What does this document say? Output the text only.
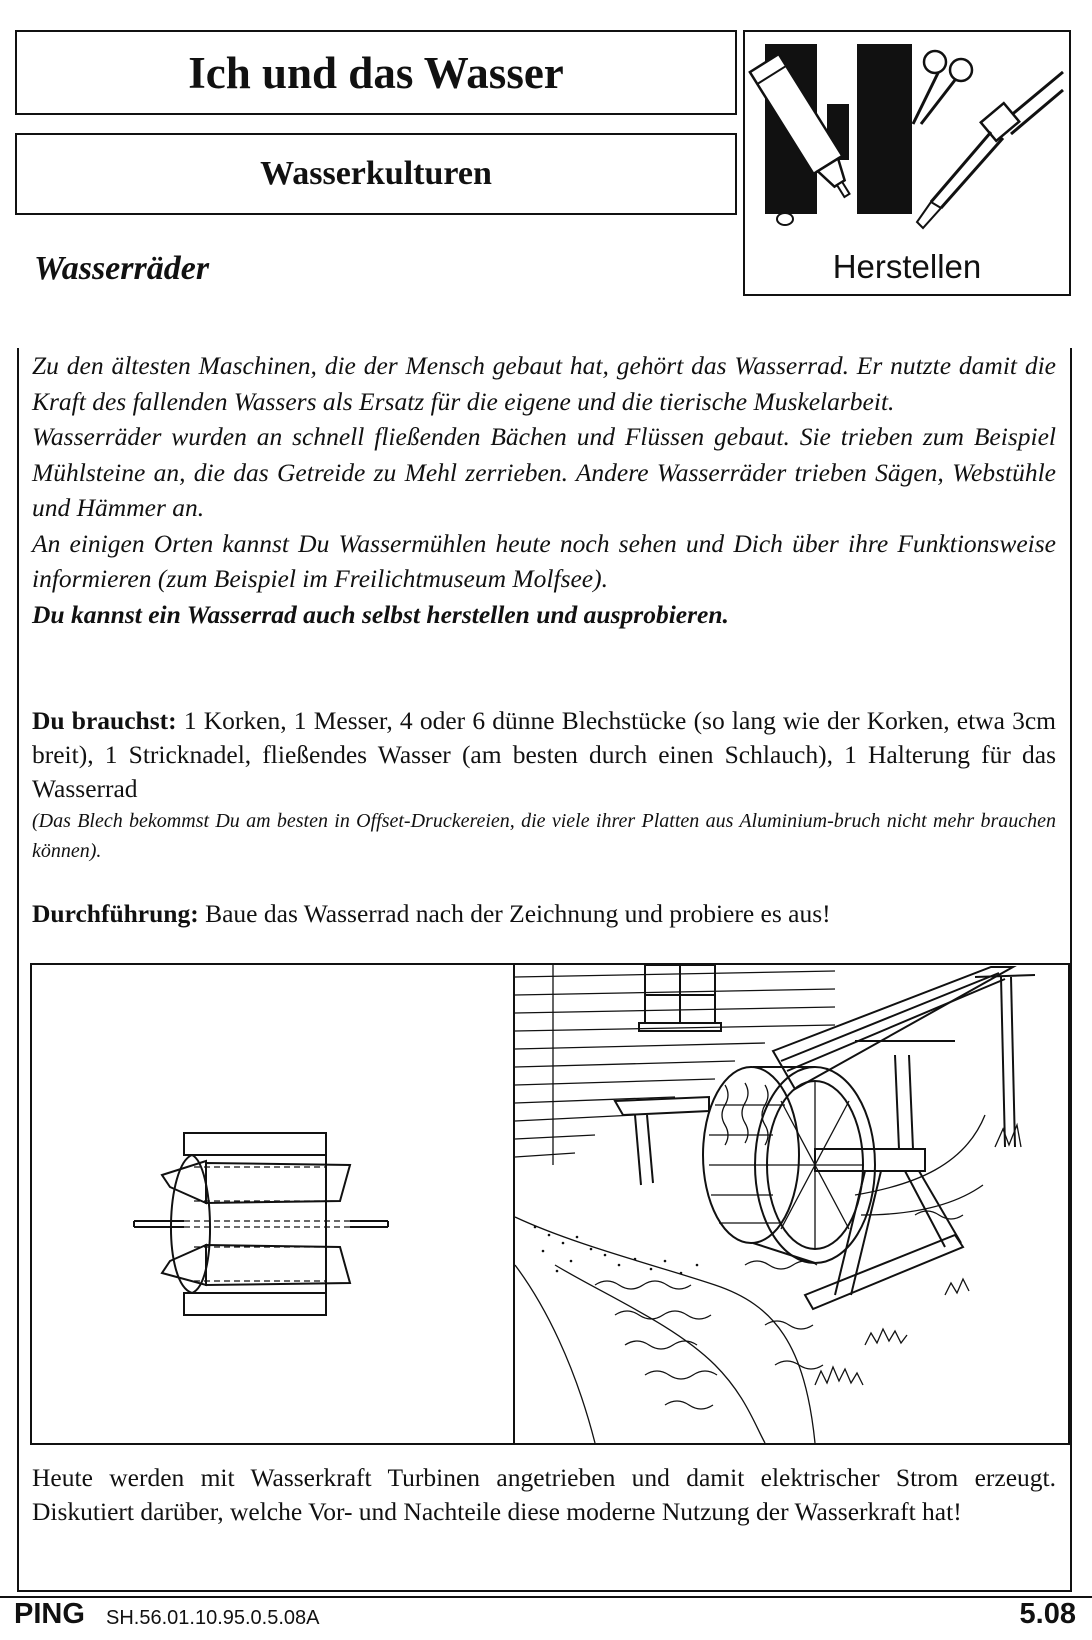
Ich und das Wasser
Wasserkulturen
Wasserräder	Herstellen

Zu den ältesten Maschinen, die der Mensch gebaut hat, gehört das Wasserrad. Er nutzte damit die Kraft des fallenden Wassers als Ersatz für die eigene und die tierische Muskelarbeit.

Wasserräder wurden an schnell fließenden Bächen und Flüssen gebaut. Sie trieben zum Beispiel Mühlsteine an, die das Getreide zu Mehl zerrieben. Andere Wasserräder trieben Sägen, Webstühle und Hämmer an.

An einigen Orten kannst Du Wassermühlen heute noch sehen und Dich über ihre Funktionsweise informieren (zum Beispiel im Freilichtmuseum Molfsee).

Du kannst ein Wasserrad auch selbst herstellen und ausprobieren.

Du brauchst: 1 Korken, 1 Messer, 4 oder 6 dünne Blechstücke (so lang wie der Korken, etwa 3cm breit), 1 Stricknadel, fließendes Wasser (am besten durch einen Schlauch), 1 Halterung für das Wasserrad

(Das Blech bekommst Du am besten in Offset-Druckereien, die viele ihrer Platten aus Aluminium-bruch nicht mehr brauchen können).

Durchführung: Baue das Wasserrad nach der Zeichnung und probiere es aus!
Heute werden mit Wasserkraft Turbinen angetrieben und damit elektrischer Strom erzeugt. Diskutiert darüber, welche Vor- und Nachteile diese moderne Nutzung der Wasserkraft hat!
PING SH.56.01.10.95.0.5.08A	5.08
